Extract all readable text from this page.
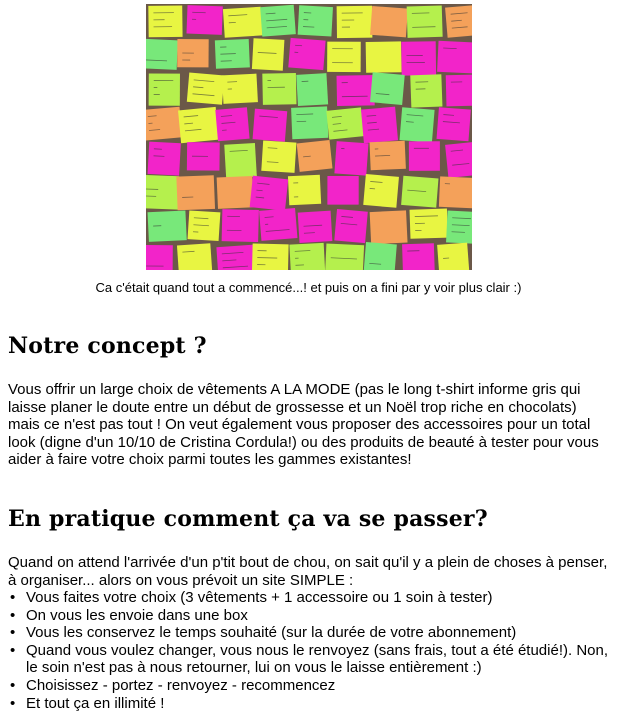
Ca c'était quand tout a commencé...! et puis on a fini par y voir plus clair :)
Notre concept ?

Vous offrir un large choix de vêtements A LA MODE (pas le long t-shirt informe gris qui laisse planer le doute entre un début de grossesse et un Noël trop riche en chocolats) mais ce n'est pas tout ! On veut également vous proposer des accessoires pour un total look (digne d'un 10/10 de Cristina Cordula!) ou des produits de beauté à tester pour vous aider à faire votre choix parmi toutes les gammes existantes!

En pratique comment ça va se passer?

Quand on attend l'arrivée d'un p'tit bout de chou, on sait qu'il y a plein de choses à penser, à organiser... alors on vous prévoit un site SIMPLE :

• Vous faites votre choix (3 vêtements + 1 accessoire ou 1 soin à tester)
• On vous les envoie dans une box
• Vous les conservez le temps souhaité (sur la durée de votre abonnement)
• Quand vous voulez changer, vous nous le renvoyez (sans frais, tout a été étudié!). Non, le soin n'est pas à nous retourner, lui on vous le laisse entièrement :)
• Choisissez - portez - renvoyez - recommencez
• Et tout ça en illimité !
